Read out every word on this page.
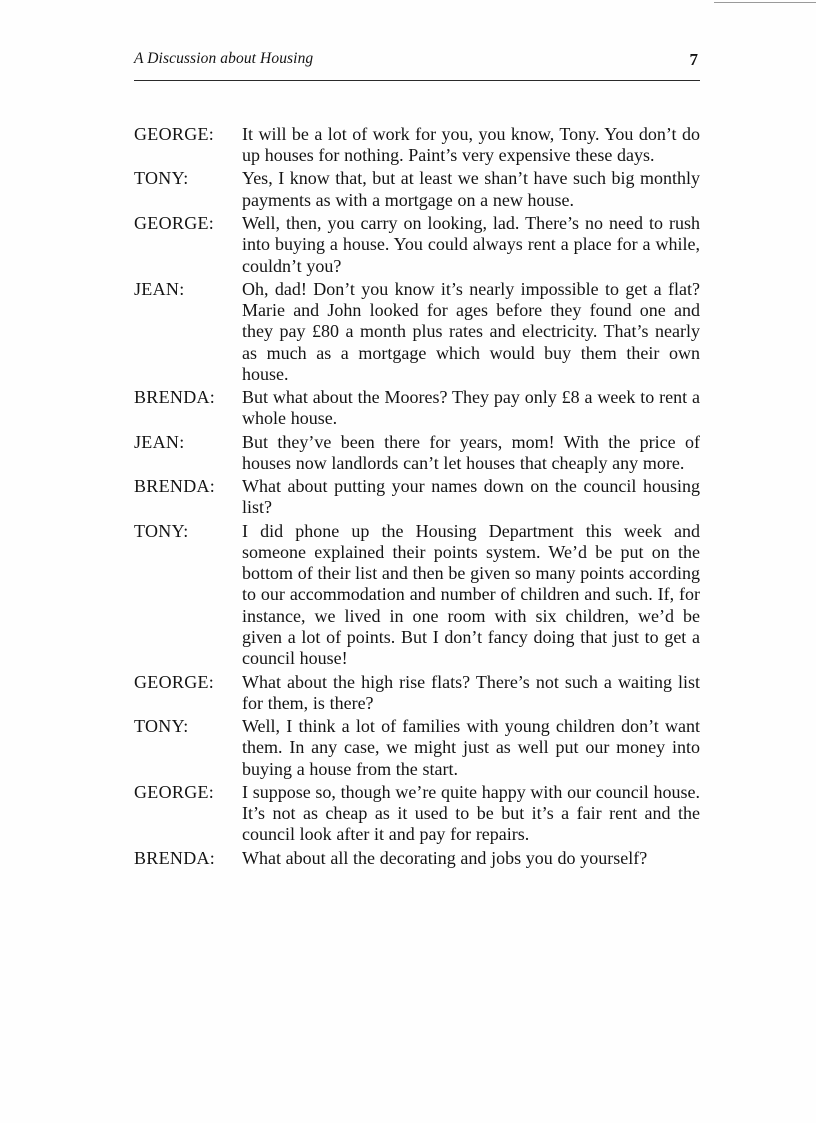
A Discussion about Housing	7
GEORGE:	It will be a lot of work for you, you know, Tony. You don’t do up houses for nothing. Paint’s very expensive these days.
TONY:	Yes, I know that, but at least we shan’t have such big monthly payments as with a mortgage on a new house.
GEORGE:	Well, then, you carry on looking, lad. There’s no need to rush into buying a house. You could always rent a place for a while, couldn’t you?
JEAN:	Oh, dad! Don’t you know it’s nearly impossible to get a flat? Marie and John looked for ages before they found one and they pay £80 a month plus rates and electricity. That’s nearly as much as a mortgage which would buy them their own house.
BRENDA:	But what about the Moores? They pay only £8 a week to rent a whole house.
JEAN:	But they’ve been there for years, mom! With the price of houses now landlords can’t let houses that cheaply any more.
BRENDA:	What about putting your names down on the council housing list?
TONY:	I did phone up the Housing Department this week and someone explained their points system. We’d be put on the bottom of their list and then be given so many points according to our accommodation and number of children and such. If, for instance, we lived in one room with six children, we’d be given a lot of points. But I don’t fancy doing that just to get a council house!
GEORGE:	What about the high rise flats? There’s not such a waiting list for them, is there?
TONY:	Well, I think a lot of families with young children don’t want them. In any case, we might just as well put our money into buying a house from the start.
GEORGE:	I suppose so, though we’re quite happy with our council house. It’s not as cheap as it used to be but it’s a fair rent and the council look after it and pay for repairs.
BRENDA:	What about all the decorating and jobs you do yourself?
